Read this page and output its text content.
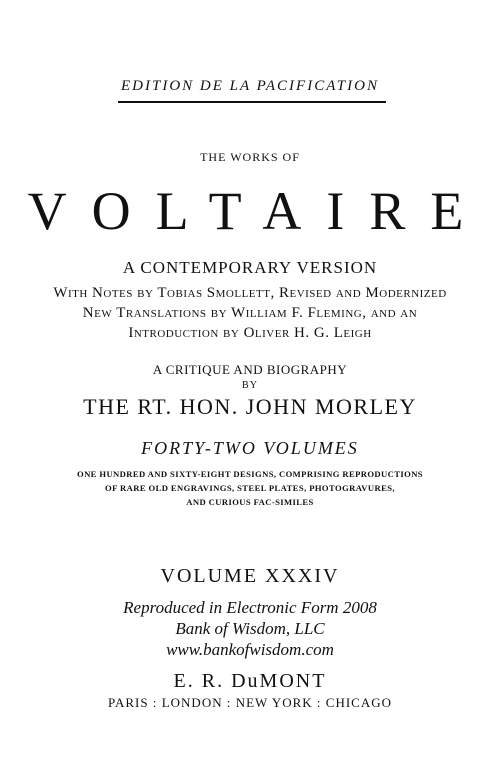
EDITION DE LA PACIFICATION
THE WORKS OF
VOLTAIRE
A CONTEMPORARY VERSION
With Notes by Tobias Smollett, Revised and Modernized
New Translations by William F. Fleming, and an
Introduction by Oliver H. G. Leigh
A CRITIQUE AND BIOGRAPHY
BY
THE RT. HON. JOHN MORLEY
FORTY-TWO VOLUMES
ONE HUNDRED AND SIXTY-EIGHT DESIGNS, COMPRISING REPRODUCTIONS
OF RARE OLD ENGRAVINGS, STEEL PLATES, PHOTOGRAVURES,
AND CURIOUS FAC-SIMILES
VOLUME XXXIV
Reproduced in Electronic Form 2008
Bank of Wisdom, LLC
www.bankofwisdom.com
E. R. DuMONT
PARIS : LONDON : NEW YORK : CHICAGO
